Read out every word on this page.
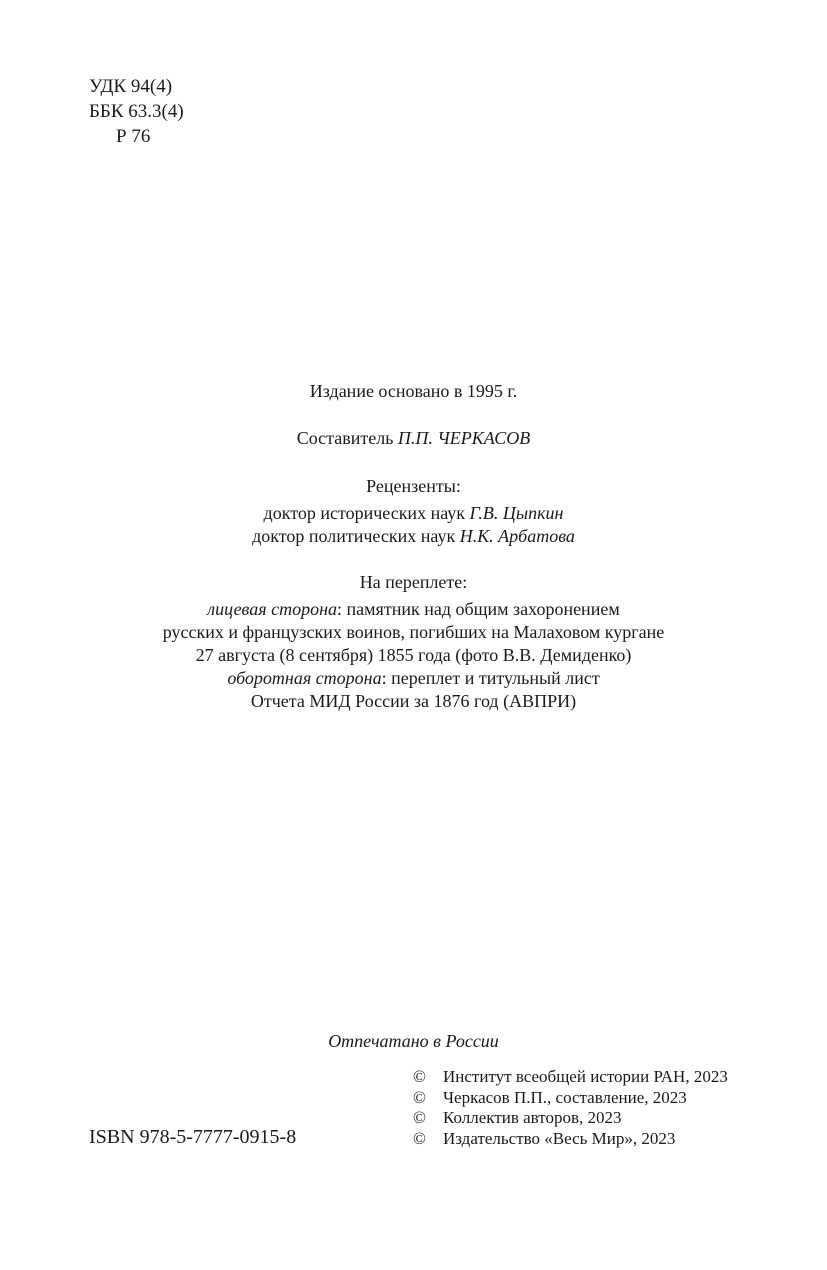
УДК 94(4)
ББК 63.3(4)
Р 76
Издание основано в 1995 г.
Составитель П.П. ЧЕРКАСОВ
Рецензенты:
доктор исторических наук Г.В. Цыпкин
доктор политических наук Н.К. Арбатова
На переплете:
лицевая сторона: памятник над общим захоронением
русских и французских воинов, погибших на Малаховом кургане
27 августа (8 сентября) 1855 года (фото В.В. Демиденко)
оборотная сторона: переплет и титульный лист
Отчета МИД России за 1876 год (АВПРИ)
Отпечатано в России
ISBN 978-5-7777-0915-8
©	Институт всеобщей истории РАН, 2023
©	Черкасов П.П., составление, 2023
©	Коллектив авторов, 2023
©	Издательство «Весь Мир», 2023
